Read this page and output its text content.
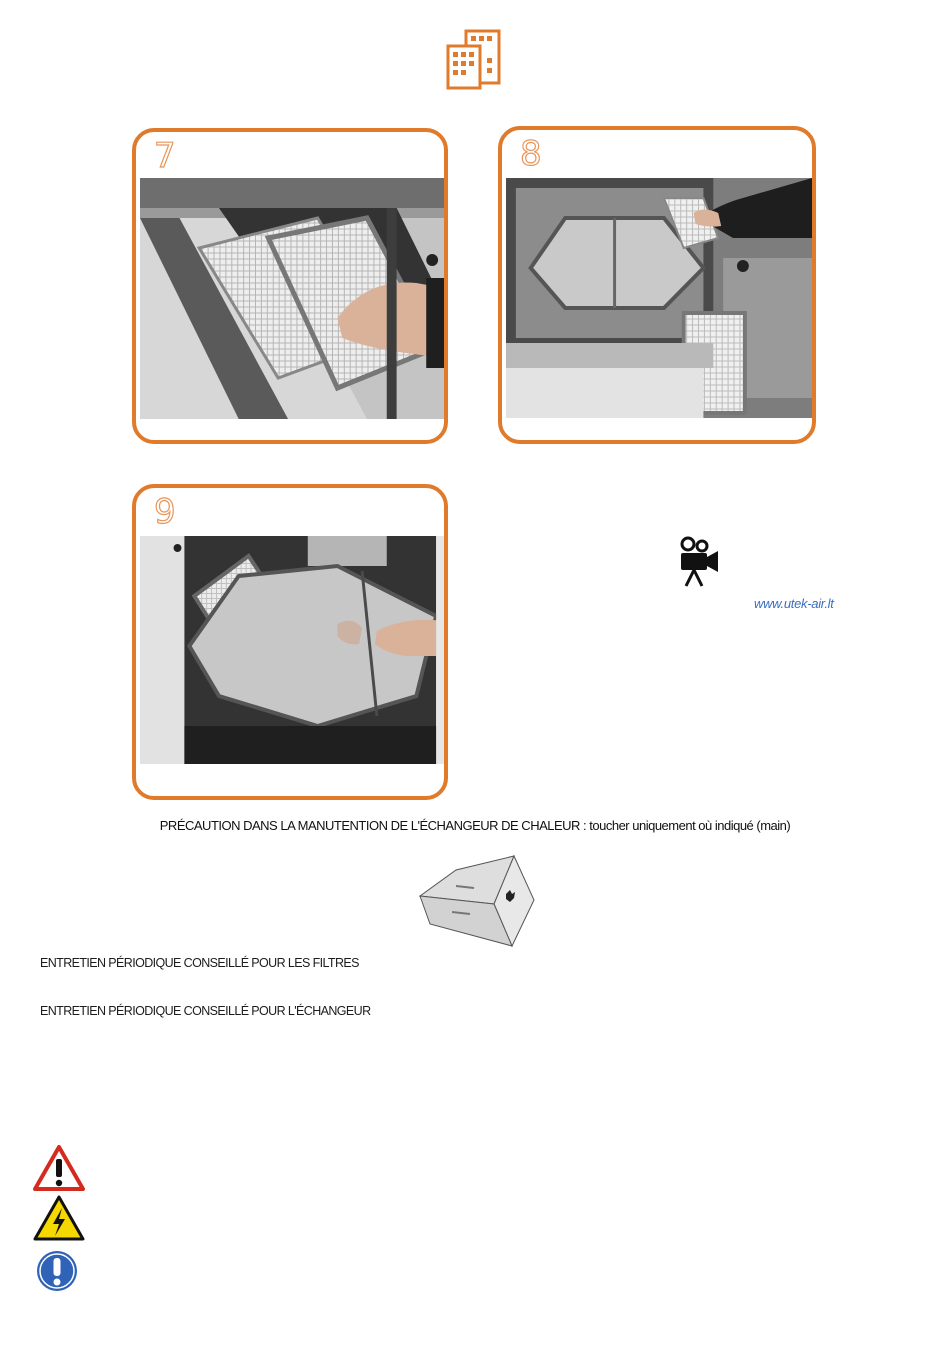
7	8
9
www.utek-air.lt
PRÉCAUTION DANS LA MANUTENTION DE L'ÉCHANGEUR DE CHALEUR : toucher uniquement où indiqué (main)
ENTRETIEN PÉRIODIQUE CONSEILLÉ POUR LES FILTRES
ENTRETIEN PÉRIODIQUE CONSEILLÉ POUR L'ÉCHANGEUR
